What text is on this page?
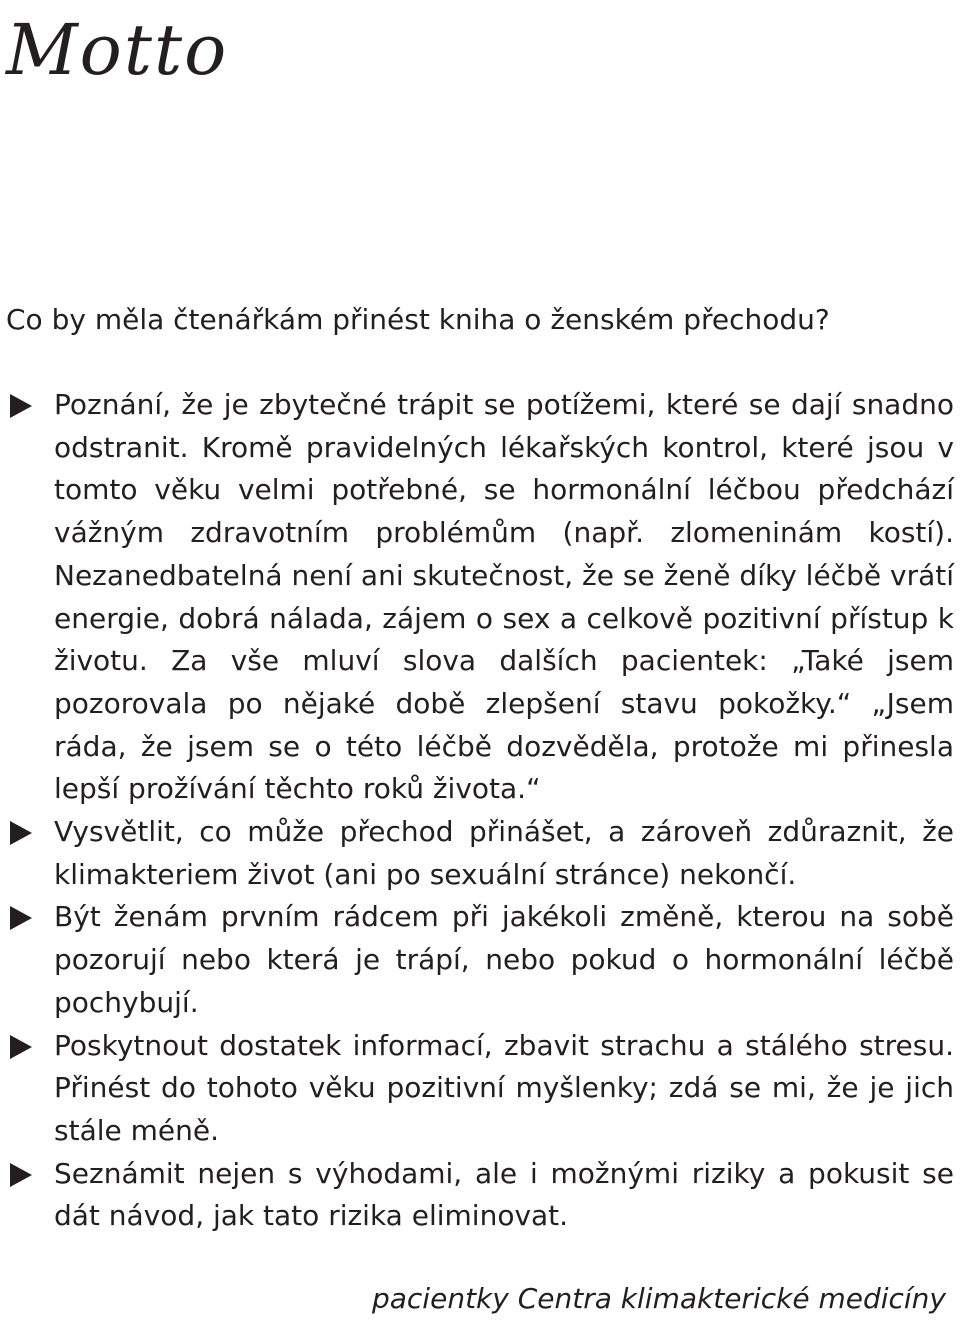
Motto

Co by měla čtenářkám přinést kniha o ženském přechodu?

Poznání, že je zbytečné trápit se potížemi, které se dají snadno odstranit. Kromě pravidelných lékařských kontrol, které jsou v tomto věku velmi potřebné, se hormonální léčbou předchází vážným zdravotním problémům (např. zlomeninám kostí). Nezanedbatelná není ani skutečnost, že se ženě díky léčbě vrátí energie, dobrá nálada, zájem o sex a celkově pozitivní přístup k životu. Za vše mluví slova dalších pacientek: „Také jsem pozorovala po nějaké době zlepšení stavu pokožky.“ „Jsem ráda, že jsem se o této léčbě dozvěděla, protože mi přinesla lepší prožívání těchto roků života.“
Vysvětlit, co může přechod přinášet, a zároveň zdůraznit, že klimakteriem život (ani po sexuální stránce) nekončí.
Být ženám prvním rádcem při jakékoli změně, kterou na sobě pozorují nebo která je trápí, nebo pokud o hormonální léčbě pochybují.
Poskytnout dostatek informací, zbavit strachu a stálého stresu. Přinést do tohoto věku pozitivní myšlenky; zdá se mi, že je jich stále méně.
Seznámit nejen s výhodami, ale i možnými riziky a pokusit se dát návod, jak tato rizika eliminovat.

pacientky Centra klimakterické medicíny
